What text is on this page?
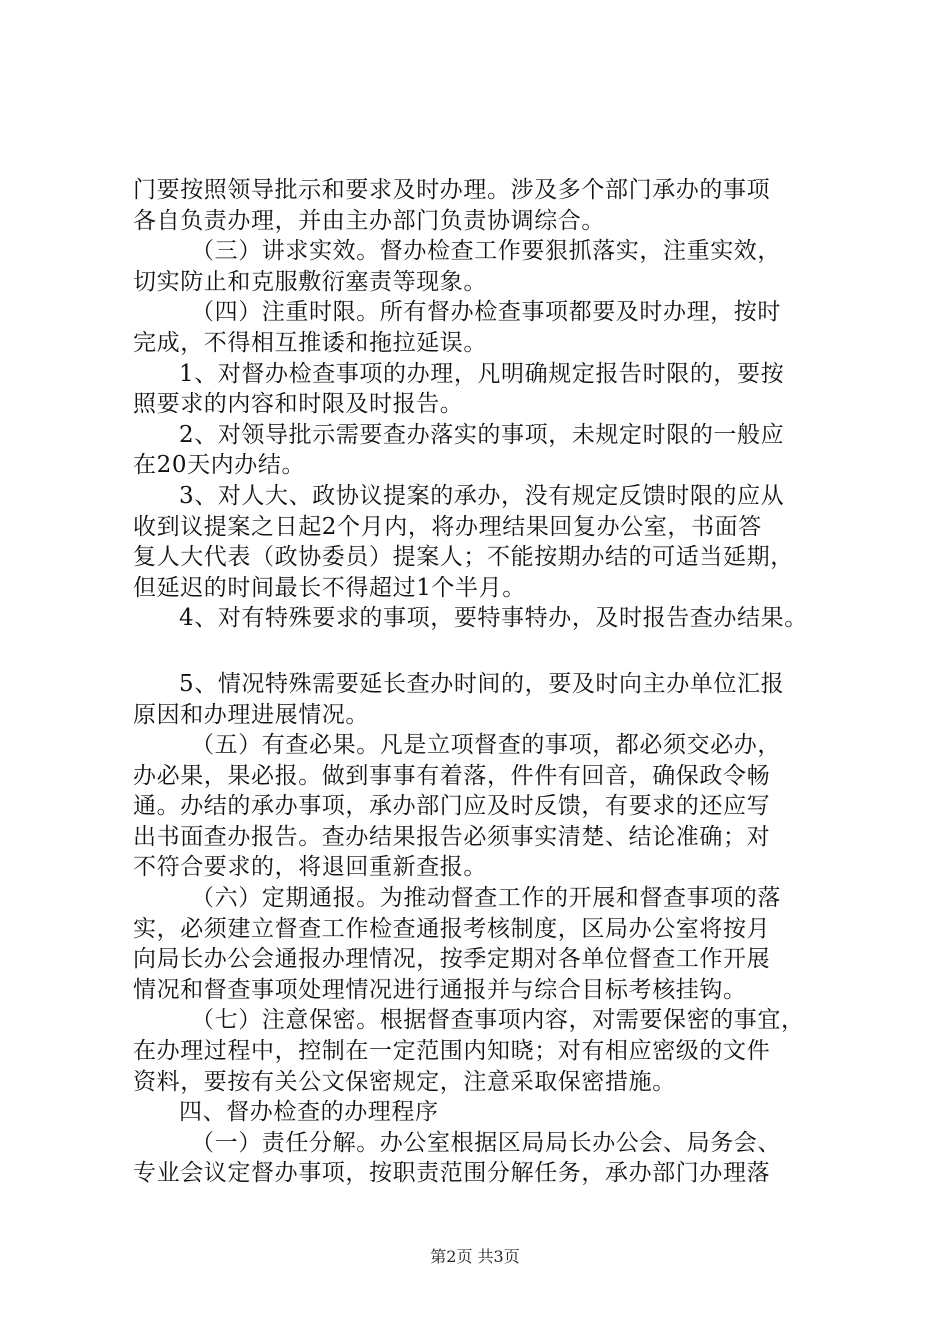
门要按照领导批示和要求及时办理。涉及多个部门承办的事项
各自负责办理，并由主办部门负责协调综合。
（三）讲求实效。督办检查工作要狠抓落实，注重实效，
切实防止和克服敷衍塞责等现象。
（四）注重时限。所有督办检查事项都要及时办理，按时
完成，不得相互推诿和拖拉延误。
1、对督办检查事项的办理，凡明确规定报告时限的，要按
照要求的内容和时限及时报告。
2、对领导批示需要查办落实的事项，未规定时限的一般应
在20天内办结。
3、对人大、政协议提案的承办，没有规定反馈时限的应从
收到议提案之日起2个月内，将办理结果回复办公室，书面答
复人大代表（政协委员）提案人；不能按期办结的可适当延期，
但延迟的时间最长不得超过1个半月。
4、对有特殊要求的事项，要特事特办，及时报告查办结果。
5、情况特殊需要延长查办时间的，要及时向主办单位汇报
原因和办理进展情况。
（五）有查必果。凡是立项督查的事项，都必须交必办，
办必果，果必报。做到事事有着落，件件有回音，确保政令畅
通。办结的承办事项，承办部门应及时反馈，有要求的还应写
出书面查办报告。查办结果报告必须事实清楚、结论准确；对
不符合要求的，将退回重新查报。
（六）定期通报。为推动督查工作的开展和督查事项的落
实，必须建立督查工作检查通报考核制度，区局办公室将按月
向局长办公会通报办理情况，按季定期对各单位督查工作开展
情况和督查事项处理情况进行通报并与综合目标考核挂钩。
（七）注意保密。根据督查事项内容，对需要保密的事宜，
在办理过程中，控制在一定范围内知晓；对有相应密级的文件
资料，要按有关公文保密规定，注意采取保密措施。
四、督办检查的办理程序
（一）责任分解。办公室根据区局局长办公会、局务会、
专业会议定督办事项，按职责范围分解任务，承办部门办理落
第2页 共3页
